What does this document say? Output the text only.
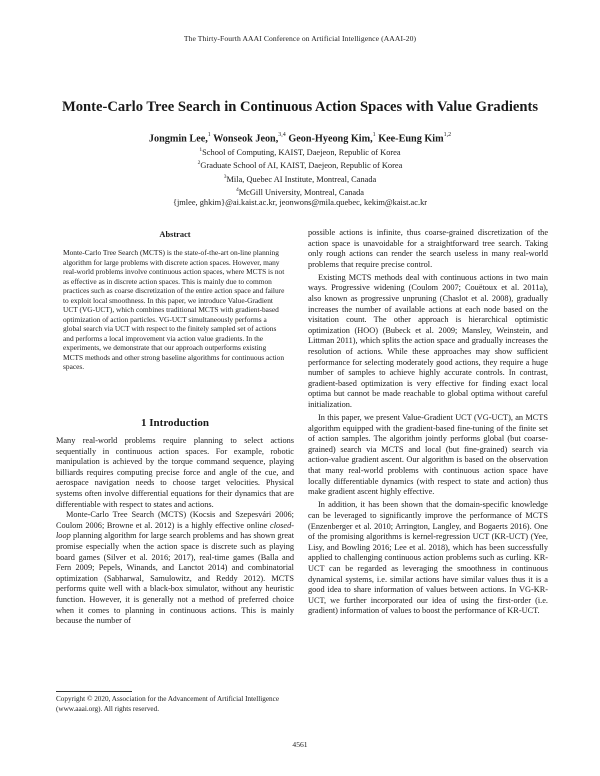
The Thirty-Fourth AAAI Conference on Artificial Intelligence (AAAI-20)
Monte-Carlo Tree Search in Continuous Action Spaces with Value Gradients
Jongmin Lee,$^1$ Wonseok Jeon,$^{3,4}$ Geon-Hyeong Kim,$^1$ Kee-Eung Kim$^{1,2}$
$^1$School of Computing, KAIST, Daejeon, Republic of Korea
$^2$Graduate School of AI, KAIST, Daejeon, Republic of Korea
$^3$Mila, Quebec AI Institute, Montreal, Canada
$^4$McGill University, Montreal, Canada
{jmlee, ghkim}@ai.kaist.ac.kr, jeonwons@mila.quebec, kekim@kaist.ac.kr
Abstract
Monte-Carlo Tree Search (MCTS) is the state-of-the-art on-line planning algorithm for large problems with discrete action spaces. However, many real-world problems involve continuous action spaces, where MCTS is not as effective as in discrete action spaces. This is mainly due to common practices such as coarse discretization of the entire action space and failure to exploit local smoothness. In this paper, we introduce Value-Gradient UCT (VG-UCT), which combines traditional MCTS with gradient-based optimization of action particles. VG-UCT simultaneously performs a global search via UCT with respect to the finitely sampled set of actions and performs a local improvement via action value gradients. In the experiments, we demonstrate that our approach outperforms existing MCTS methods and other strong baseline algorithms for continuous action spaces.
1 Introduction

Many real-world problems require planning to select actions sequentially in continuous action spaces. For example, robotic manipulation is achieved by the torque command sequence, playing billiards requires computing precise force and angle of the cue, and aerospace navigation needs to choose target velocities. Physical systems often involve differential equations for their dynamics that are differentiable with respect to states and actions.

Monte-Carlo Tree Search (MCTS) (Kocsis and Szepesvári 2006; Coulom 2006; Browne et al. 2012) is a highly effective online closed-loop planning algorithm for large search problems and has shown great promise especially when the action space is discrete such as playing board games (Silver et al. 2016; 2017), real-time games (Balla and Fern 2009; Pepels, Winands, and Lanctot 2014) and combinatorial optimization (Sabharwal, Samulowitz, and Reddy 2012). MCTS performs quite well with a black-box simulator, without any heuristic function. However, it is generally not a method of preferred choice when it comes to planning in continuous actions. This is mainly because the number of

Copyright © 2020, Association for the Advancement of Artificial Intelligence (www.aaai.org). All rights reserved.

possible actions is infinite, thus coarse-grained discretization of the action space is unavoidable for a straightforward tree search. Taking only rough actions can render the search useless in many real-world problems that require precise control.

Existing MCTS methods deal with continuous actions in two main ways. Progressive widening (Coulom 2007; Couëtoux et al. 2011a), also known as progressive unpruning (Chaslot et al. 2008), gradually increases the number of available actions at each node based on the visitation count. The other approach is hierarchical optimistic optimization (HOO) (Bubeck et al. 2009; Mansley, Weinstein, and Littman 2011), which splits the action space and gradually increases the resolution of actions. While these approaches may show sufficient performance for selecting moderately good actions, they require a huge number of samples to achieve highly accurate controls. In contrast, gradient-based optimization is very effective for finding exact local optima but cannot be made reachable to global optima without careful initialization.

In this paper, we present Value-Gradient UCT (VG-UCT), an MCTS algorithm equipped with the gradient-based fine-tuning of the finite set of action samples. The algorithm jointly performs global (but coarse-grained) search via MCTS and local (but fine-grained) search via action-value gradient ascent. Our algorithm is based on the observation that many real-world problems with continuous action space have locally differentiable dynamics (with respect to state and action) thus make gradient ascent highly effective.

In addition, it has been shown that the domain-specific knowledge can be leveraged to significantly improve the performance of MCTS (Enzenberger et al. 2010; Arrington, Langley, and Bogaerts 2016). One of the promising algorithms is kernel-regression UCT (KR-UCT) (Yee, Lisy, and Bowling 2016; Lee et al. 2018), which has been successfully applied to challenging continuous action problems such as curling. KR-UCT can be regarded as leveraging the smoothness in continuous dynamical systems, i.e. similar actions have similar values thus it is a good idea to share information of values between actions. In VG-KR-UCT, we further incorporated our idea of using the first-order (i.e. gradient) information of values to boost the performance of KR-UCT.

4561
